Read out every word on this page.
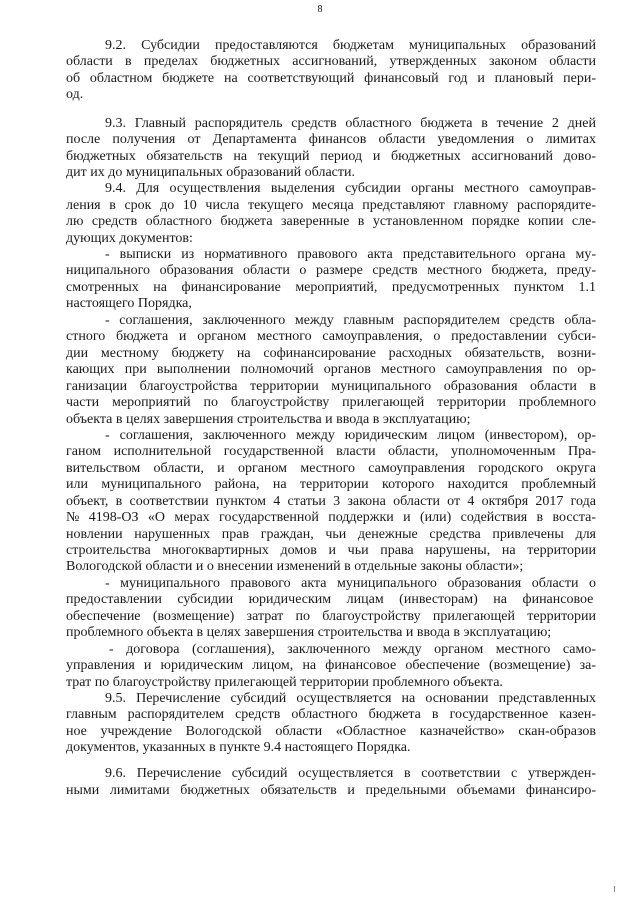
8
9.2. Субсидии предоставляются бюджетам муниципальных образований
области в пределах бюджетных ассигнований, утвержденных законом области
об областном бюджете на соответствующий финансовый год и плановый пери-
од.
9.3. Главный распорядитель средств областного бюджета в течение 2 дней
после получения от Департамента финансов области уведомления о лимитах
бюджетных обязательств на текущий период и бюджетных ассигнований дово-
дит их до муниципальных образований области.
9.4. Для осуществления выделения субсидии органы местного самоуправ-
ления в срок до 10 числа текущего месяца представляют главному распорядите-
лю средств областного бюджета заверенные в установленном порядке копии сле-
дующих документов:
- выписки из нормативного правового акта представительного органа му-
ниципального образования области о размере средств местного бюджета, преду-
смотренных на финансирование мероприятий, предусмотренных пунктом 1.1
настоящего Порядка,
- соглашения, заключенного между главным распорядителем средств обла-
стного бюджета и органом местного самоуправления, о предоставлении субси-
дии местному бюджету на софинансирование расходных обязательств, возни-
кающих при выполнении полномочий органов местного самоуправления по ор-
ганизации благоустройства территории муниципального образования области в
части мероприятий по благоустройству прилегающей территории проблемного
объекта в целях завершения строительства и ввода в эксплуатацию;
- соглашения, заключенного между юридическим лицом (инвестором), ор-
ганом исполнительной государственной власти области, уполномоченным Пра-
вительством области, и органом местного самоуправления городского округа
или муниципального района, на территории которого находится проблемный
объект, в соответствии пунктом 4 статьи 3 закона области от 4 октября 2017 года
№ 4198-ОЗ «О мерах государственной поддержки и (или) содействия в восста-
новлении нарушенных прав граждан, чьи денежные средства привлечены для
строительства многоквартирных домов и чьи права нарушены, на территории
Вологодской области и о внесении изменений в отдельные законы области»;
- муниципального правового акта муниципального образования области о
предоставлении субсидии юридическим лицам (инвесторам) на финансовое
обеспечение (возмещение) затрат по благоустройству прилегающей территории
проблемного объекта в целях завершения строительства и ввода в эксплуатацию;
- договора (соглашения), заключенного между органом местного само-
управления и юридическим лицом, на финансовое обеспечение (возмещение) за-
трат по благоустройству прилегающей территории проблемного объекта.
9.5. Перечисление субсидий осуществляется на основании представленных
главным распорядителем средств областного бюджета в государственное казен-
ное учреждение Вологодской области «Областное казначейство» скан-образов
документов, указанных в пункте 9.4 настоящего Порядка.
9.6. Перечисление субсидий осуществляется в соответствии с утвержден-
ными лимитами бюджетных обязательств и предельными объемами финансиро-
